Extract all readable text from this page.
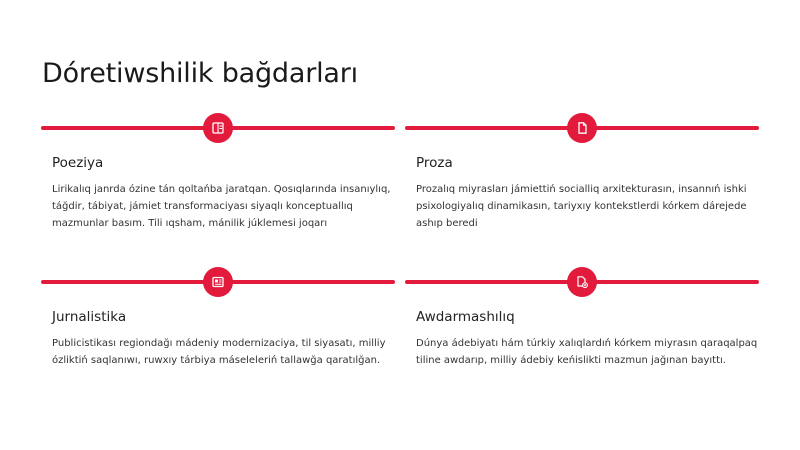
Dóretiwshilik bağdarları
Poeziya

Lirikalıq janrda ózine tán qoltańba jaratqan. Qosıqlarında insanıylıq, táğdir, tábiyat, jámiet transformaciyası siyaqlı konceptuallıq mazmunlar basım. Tili ıqsham, mánilik júklemesi joqarı

Proza

Prozalıq miyrasları jámiettiń socialliq arxitekturasın, insannıń ishki psixologiyalıq dinamikasın, tariyxıy kontekstlerdi kórkem dárejede ashıp beredi

Jurnalistika

Publicistikası regiondağı mádeniy modernizaciya, til siyasatı, milliy ózliktiń saqlanıwı, ruwxıy tárbiya máseleleriń tallawğa qaratılğan.

Awdarmashılıq

Dúnya ádebiyatı hám túrkiy xalıqlardıń kórkem miyrasın qaraqalpaq tiline awdarıp, milliy ádebiy keńislikti mazmun jağınan bayıttı.
